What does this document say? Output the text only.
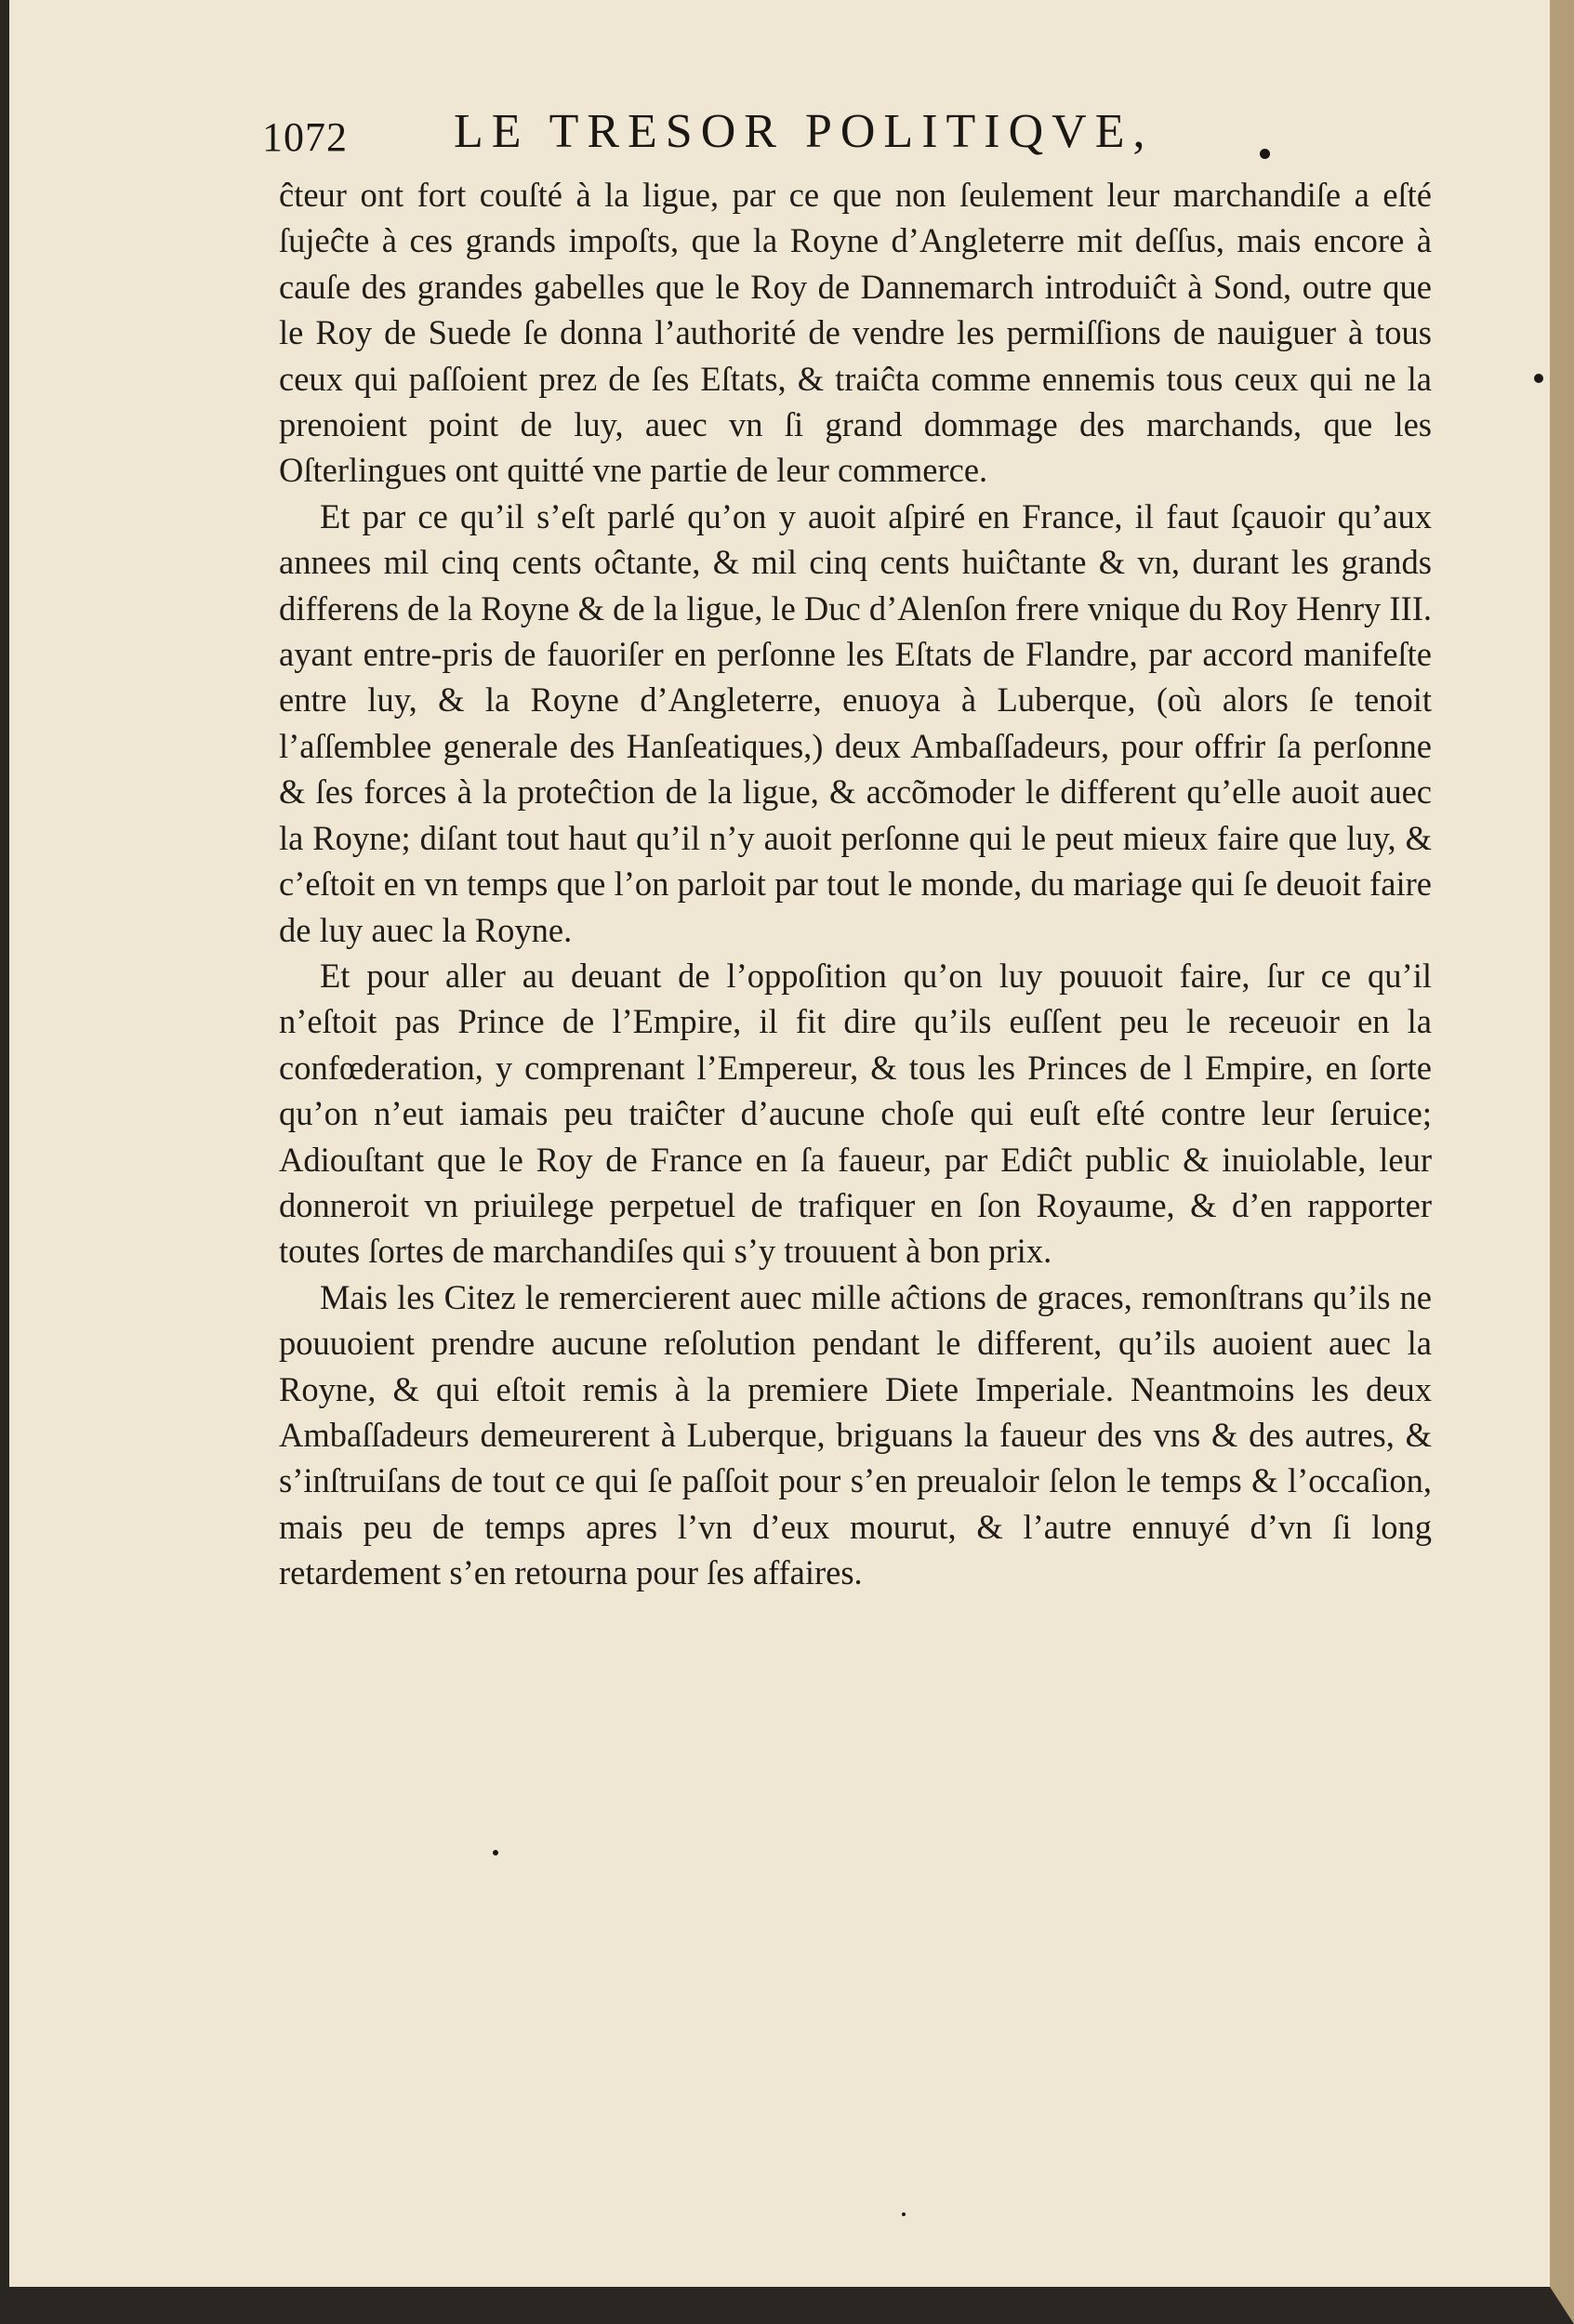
1072 LE TRESOR POLITIQVE,

ĉteur ont fort couſté à la ligue, par ce que non ſeulement leur marchandiſe a eſté ſujeĉte à ces grands impoſts, que la Royne d’Angleterre mit deſſus, mais encore à cauſe des grandes gabelles que le Roy de Dannemarch introduiĉt à Sond, outre que le Roy de Suede ſe donna l’authorité de vendre les permiſſions de nauiguer à tous ceux qui paſſoient prez de ſes Eſtats, & traiĉta comme ennemis tous ceux qui ne la prenoient point de luy, auec vn ſi grand dommage des marchands, que les Oſterlingues ont quitté vne partie de leur commerce.

Et par ce qu’il s’eſt parlé qu’on y auoit aſpiré en France, il faut ſçauoir qu’aux annees mil cinq cents oĉtante, & mil cinq cents huiĉtante & vn, durant les grands differens de la Royne & de la ligue, le Duc d’Alenſon frere vnique du Roy Henry III. ayant entre-pris de fauoriſer en perſonne les Eſtats de Flandre, par accord manifeſte entre luy, & la Royne d’Angleterre, enuoya à Luberque, (où alors ſe tenoit l’aſſemblee generale des Hanſeatiques,) deux Ambaſſadeurs, pour offrir ſa perſonne & ſes forces à la proteĉtion de la ligue, & accõmoder le different qu’elle auoit auec la Royne; diſant tout haut qu’il n’y auoit perſonne qui le peut mieux faire que luy, & c’eſtoit en vn temps que l’on parloit par tout le monde, du mariage qui ſe deuoit faire de luy auec la Royne.

Et pour aller au deuant de l’oppoſition qu’on luy pouuoit faire, ſur ce qu’il n’eſtoit pas Prince de l’Empire, il fit dire qu’ils euſſent peu le receuoir en la confœderation, y comprenant l’Empereur, & tous les Princes de l Empire, en ſorte qu’on n’eut iamais peu traiĉter d’aucune choſe qui euſt eſté contre leur ſeruice; Adiouſtant que le Roy de France en ſa faueur, par Ediĉt public & inuiolable, leur donneroit vn priuilege perpetuel de trafiquer en ſon Royaume, & d’en rapporter toutes ſortes de marchandiſes qui s’y trouuent à bon prix.

Mais les Citez le remercierent auec mille aĉtions de graces, remonſtrans qu’ils ne pouuoient prendre aucune reſolution pendant le different, qu’ils auoient auec la Royne, & qui eſtoit remis à la premiere Diete Imperiale. Neantmoins les deux Ambaſſadeurs demeurerent à Luberque, briguans la faueur des vns & des autres, & s’inſtruiſans de tout ce qui ſe paſſoit pour s’en preualoir ſelon le temps & l’occaſion, mais peu de temps apres l’vn d’eux mourut, & l’autre ennuyé d’vn ſi long retardement s’en retourna pour ſes affaires.
